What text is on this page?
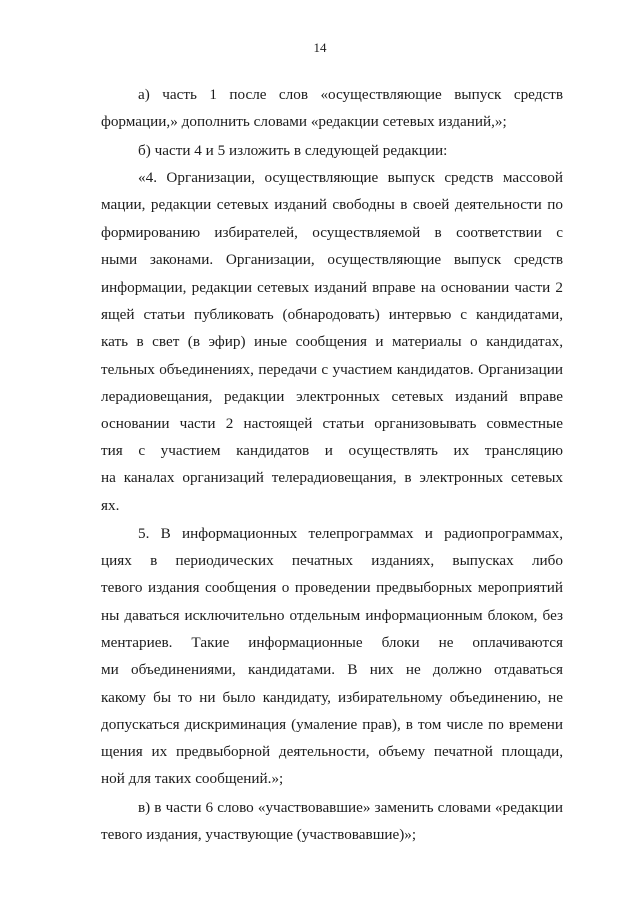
14
а) часть 1 после слов «осуществляющие выпуск средств
формации,» дополнить словами «редакции сетевых изданий,»;
б) части 4 и 5 изложить в следующей редакции:
«4. Организации, осуществляющие выпуск средств массовой
мации, редакции сетевых изданий свободны в своей деятельности по
формированию избирателей, осуществляемой в соответствии с
ными законами. Организации, осуществляющие выпуск средств
информации, редакции сетевых изданий вправе на основании части 2
ящей статьи публиковать (обнародовать) интервью с кандидатами,
кать в свет (в эфир) иные сообщения и материалы о кандидатах,
тельных объединениях, передачи с участием кандидатов. Организации
лерадиовещания, редакции электронных сетевых изданий вправе
основании части 2 настоящей статьи организовывать совместные
тия с участием кандидатов и осуществлять их трансляцию
на каналах организаций телерадиовещания, в электронных сетевых
ях.
5. В информационных телепрограммах и радиопрограммах,
циях в периодических печатных изданиях, выпусках либо
тевого издания сообщения о проведении предвыборных мероприятий
ны даваться исключительно отдельным информационным блоком, без
ментариев. Такие информационные блоки не оплачиваются
ми объединениями, кандидатами. В них не должно отдаваться
какому бы то ни было кандидату, избирательному объединению, не
допускаться дискриминация (умаление прав), в том числе по времени
щения их предвыборной деятельности, объему печатной площади,
ной для таких сообщений.»;
в) в части 6 слово «участвовавшие» заменить словами «редакции
тевого издания, участвующие (участвовавшие)»;
